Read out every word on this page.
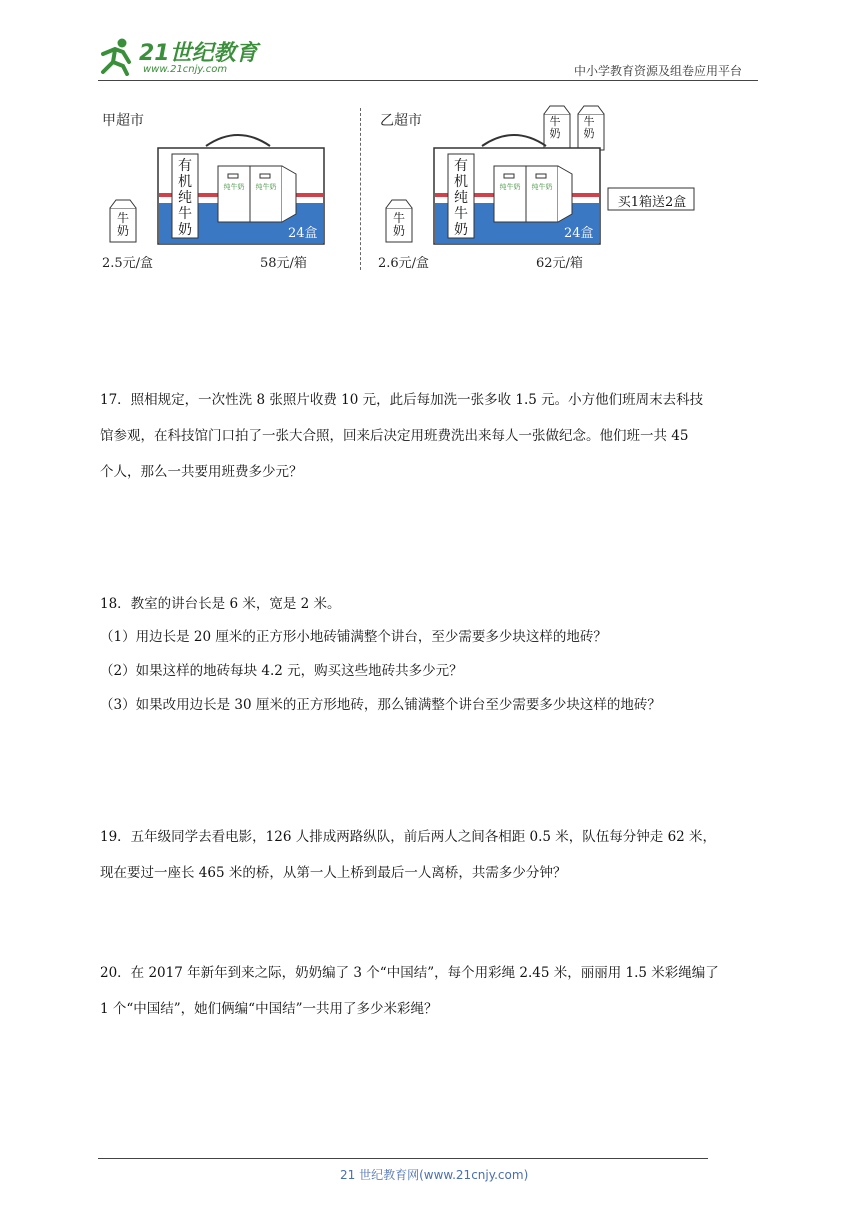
21世纪教育
www.21cnjy.com	中小学教育资源及组卷应用平台
甲超市
有机纯牛奶
纯牛奶	纯牛奶
24盒
牛奶
2.5元/盒	58元/箱
乙超市	牛奶
牛奶
有机纯牛奶
纯牛奶	纯牛奶
24盒
牛奶
买1箱送2盒
2.6元/盒	62元/箱
17．照相规定，一次性洗 8 张照片收费 10 元，此后每加洗一张多收 1.5 元。小方他们班周末去科技
馆参观，在科技馆门口拍了一张大合照，回来后决定用班费洗出来每人一张做纪念。他们班一共 45
个人，那么一共要用班费多少元？
18．教室的讲台长是 6 米，宽是 2 米。
（1）用边长是 20 厘米的正方形小地砖铺满整个讲台，至少需要多少块这样的地砖？
（2）如果这样的地砖每块 4.2 元，购买这些地砖共多少元？
（3）如果改用边长是 30 厘米的正方形地砖，那么铺满整个讲台至少需要多少块这样的地砖？
19．五年级同学去看电影，126 人排成两路纵队，前后两人之间各相距 0.5 米，队伍每分钟走 62 米，
现在要过一座长 465 米的桥，从第一人上桥到最后一人离桥，共需多少分钟？
20．在 2017 年新年到来之际，奶奶编了 3 个“中国结”，每个用彩绳 2.45 米，丽丽用 1.5 米彩绳编了
1 个“中国结”，她们俩编“中国结”一共用了多少米彩绳？
21 世纪教育网(www.21cnjy.com)
